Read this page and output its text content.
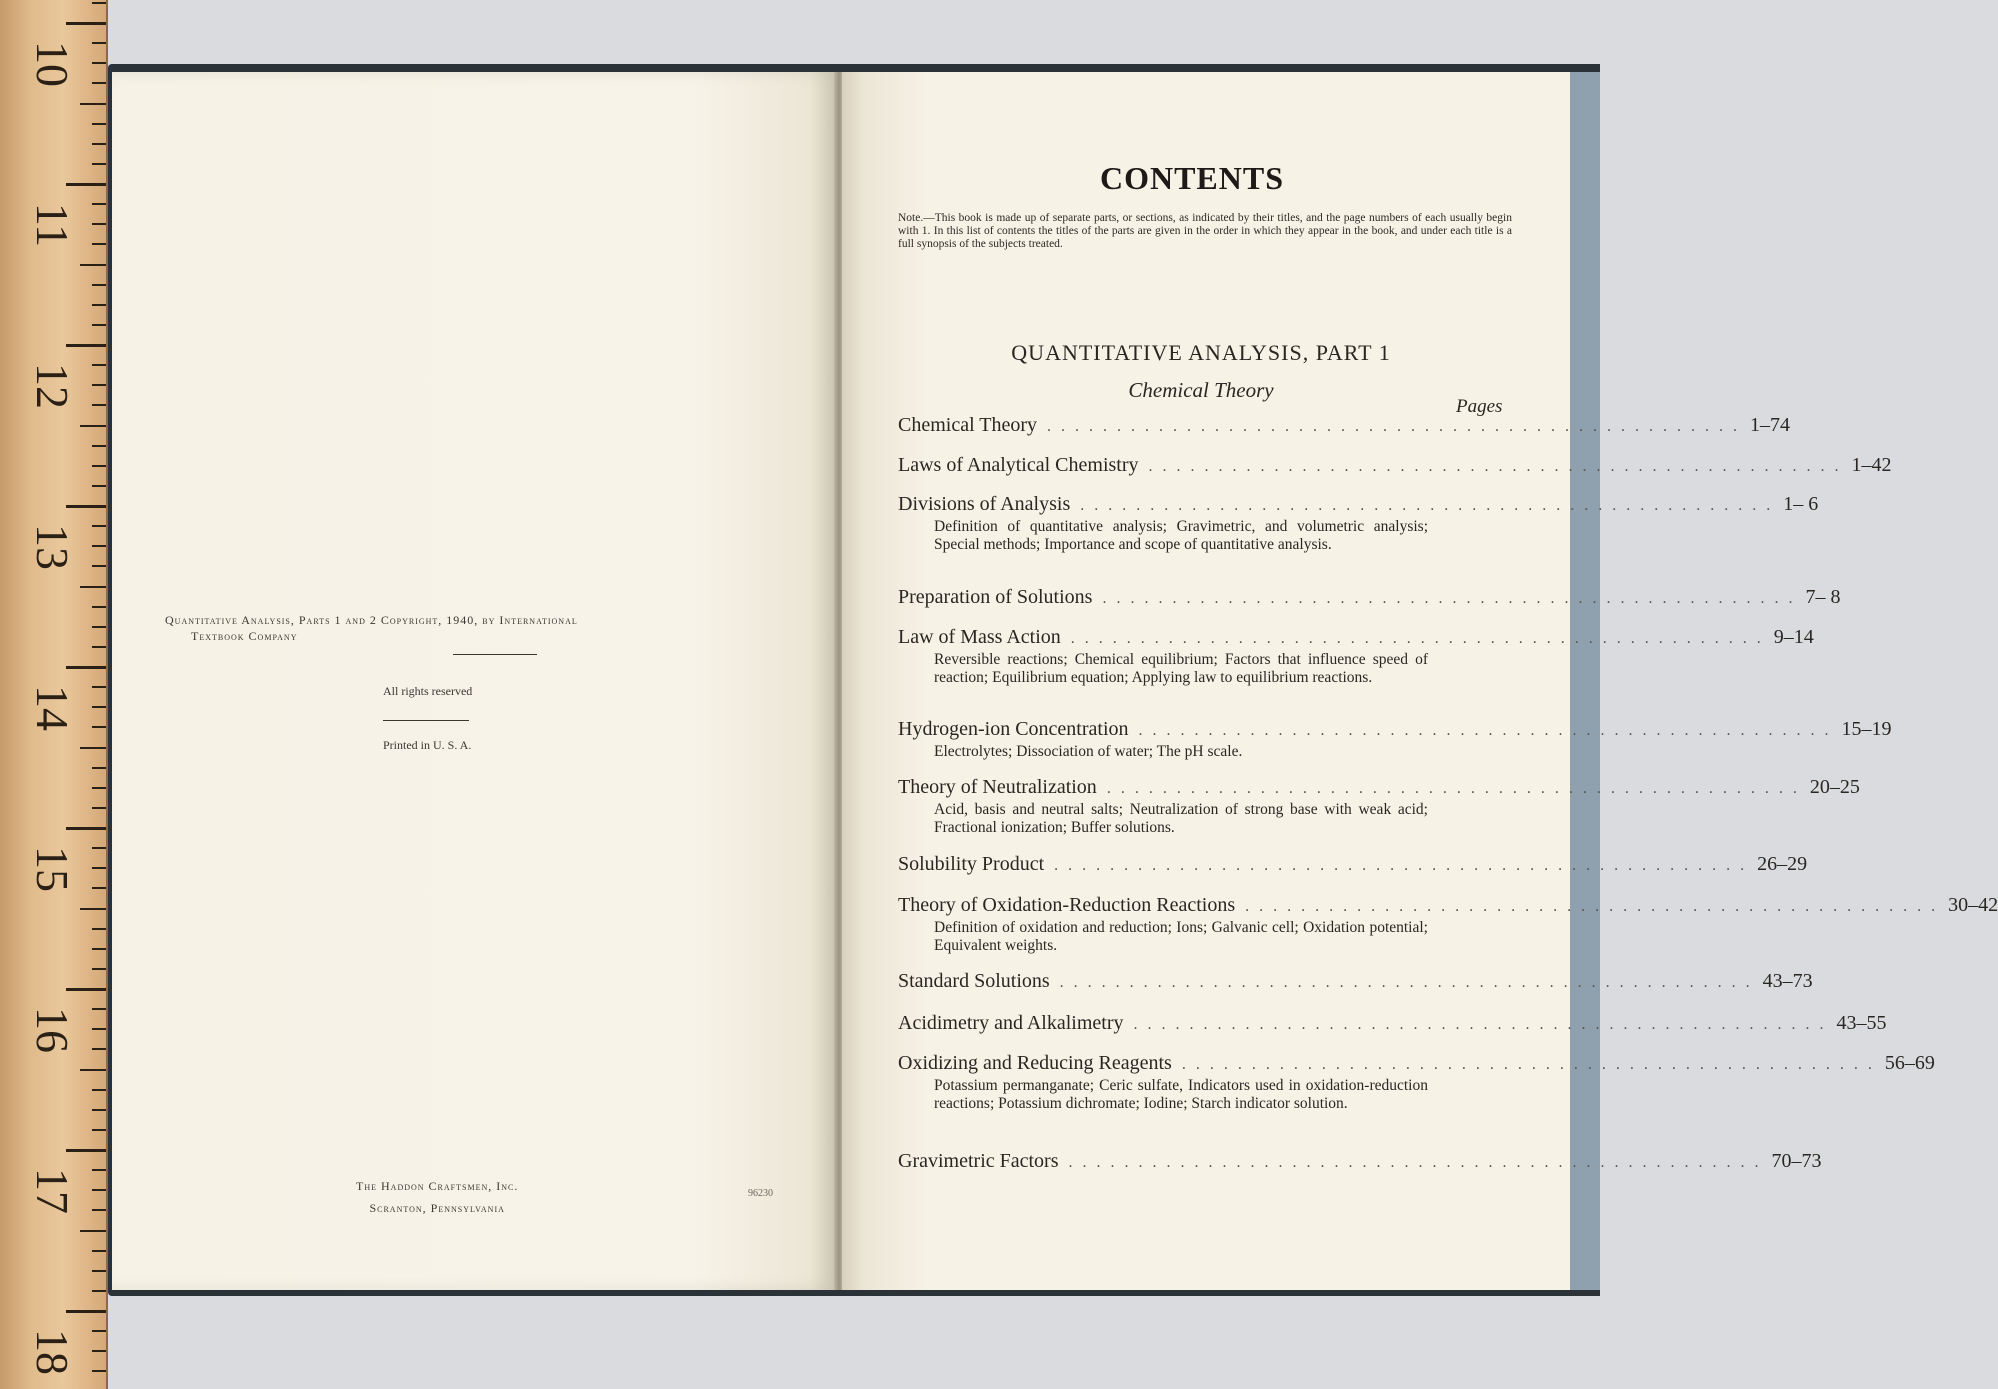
10
11
12
13
14
15
16
17
18
Quantitative Analysis, Parts 1 and 2 Copyright, 1940, by International
Textbook Company
All rights reserved
Printed in U. S. A.
The Haddon Craftsmen, Inc.
Scranton, Pennsylvania
96230
CONTENTS
Note.—This book is made up of separate parts, or sections, as indicated by their titles, and the page numbers of each usually begin with 1. In this list of contents the titles of the parts are given in the order in which they appear in the book, and under each title is a full synopsis of the subjects treated.
QUANTITATIVE ANALYSIS, PART 1
Chemical Theory
Pages
Chemical Theory . . . . . . . . . . . . . . . . . . . . . . . . . . . . . . . . . . . . . . . . . . . . . . . . . . 1–74
Laws of Analytical Chemistry . . . . . . . . . . . . . . . . . . . . . . . . . . . . . . . . . . . . . . . . . . . . . . . . . . 1–42
Divisions of Analysis . . . . . . . . . . . . . . . . . . . . . . . . . . . . . . . . . . . . . . . . . . . . . . . . . . 1– 6
Definition of quantitative analysis; Gravimetric, and volumetric analysis; Special methods; Importance and scope of quantitative analysis.
Preparation of Solutions . . . . . . . . . . . . . . . . . . . . . . . . . . . . . . . . . . . . . . . . . . . . . . . . . . 7– 8
Law of Mass Action . . . . . . . . . . . . . . . . . . . . . . . . . . . . . . . . . . . . . . . . . . . . . . . . . . 9–14
Reversible reactions; Chemical equilibrium; Factors that influence speed of reaction; Equilibrium equation; Applying law to equilibrium reactions.
Hydrogen-ion Concentration . . . . . . . . . . . . . . . . . . . . . . . . . . . . . . . . . . . . . . . . . . . . . . . . . . 15–19
Electrolytes; Dissociation of water; The pH scale.
Theory of Neutralization . . . . . . . . . . . . . . . . . . . . . . . . . . . . . . . . . . . . . . . . . . . . . . . . . . 20–25
Acid, basis and neutral salts; Neutralization of strong base with weak acid; Fractional ionization; Buffer solutions.
Solubility Product . . . . . . . . . . . . . . . . . . . . . . . . . . . . . . . . . . . . . . . . . . . . . . . . . . 26–29
Theory of Oxidation-Reduction Reactions . . . . . . . . . . . . . . . . . . . . . . . . . . . . . . . . . . . . . . . . . . . . . . . . . . 30–42
Definition of oxidation and reduction; Ions; Galvanic cell; Oxidation potential; Equivalent weights.
Standard Solutions . . . . . . . . . . . . . . . . . . . . . . . . . . . . . . . . . . . . . . . . . . . . . . . . . . 43–73
Acidimetry and Alkalimetry . . . . . . . . . . . . . . . . . . . . . . . . . . . . . . . . . . . . . . . . . . . . . . . . . . 43–55
Oxidizing and Reducing Reagents . . . . . . . . . . . . . . . . . . . . . . . . . . . . . . . . . . . . . . . . . . . . . . . . . . 56–69
Potassium permanganate; Ceric sulfate, Indicators used in oxidation-reduction reactions; Potassium dichromate; Iodine; Starch indicator solution.
Gravimetric Factors . . . . . . . . . . . . . . . . . . . . . . . . . . . . . . . . . . . . . . . . . . . . . . . . . . 70–73
